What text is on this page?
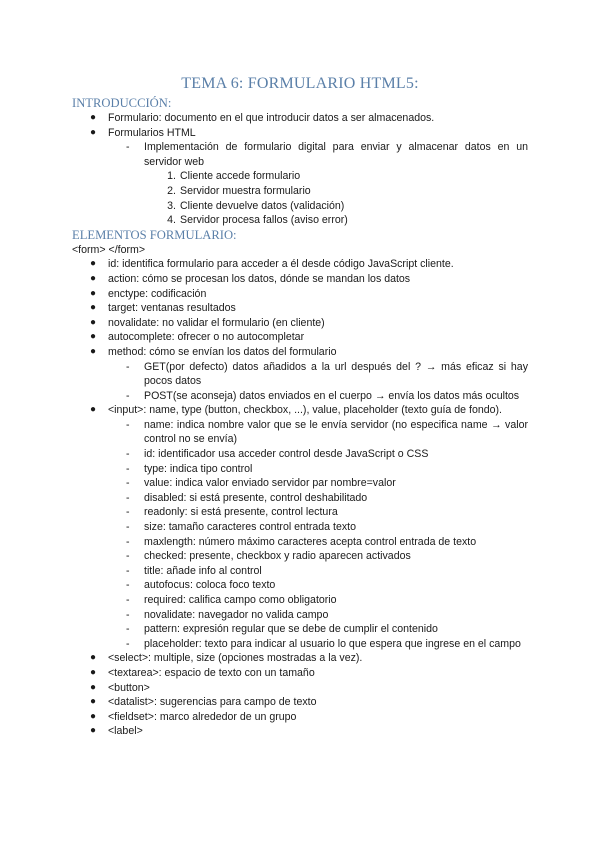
TEMA 6: FORMULARIO HTML5:
INTRODUCCIÓN:
● Formulario: documento en el que introducir datos a ser almacenados.
● Formularios HTML
- Implementación de formulario digital para enviar y almacenar datos en un servidor web
1. Cliente accede formulario
2. Servidor muestra formulario
3. Cliente devuelve datos (validación)
4. Servidor procesa fallos (aviso error)
ELEMENTOS FORMULARIO:

<form> </form>

● id: identifica formulario para acceder a él desde código JavaScript cliente.
● action: cómo se procesan los datos, dónde se mandan los datos
● enctype: codificación
● target: ventanas resultados
● novalidate: no validar el formulario (en cliente)
● autocomplete: ofrecer o no autocompletar
● method: cómo se envían los datos del formulario
- GET(por defecto) datos añadidos a la url después del ? → más eficaz si hay pocos datos
- POST(se aconseja) datos enviados en el cuerpo → envía los datos más ocultos
● <input>: name, type (button, checkbox, ...), value, placeholder (texto guía de fondo).
- name: indica nombre valor que se le envía servidor (no especifica name → valor control no se envía)
- id: identificador usa acceder control desde JavaScript o CSS
- type: indica tipo control
- value: indica valor enviado servidor par nombre=valor
- disabled: si está presente, control deshabilitado
- readonly: si está presente, control lectura
- size: tamaño caracteres control entrada texto
- maxlength: número máximo caracteres acepta control entrada de texto
- checked: presente, checkbox y radio aparecen activados
- title: añade info al control
- autofocus: coloca foco texto
- required: califica campo como obligatorio
- novalidate: navegador no valida campo
- pattern: expresión regular que se debe de cumplir el contenido
- placeholder: texto para indicar al usuario lo que espera que ingrese en el campo
● <select>: multiple, size (opciones mostradas a la vez).
● <textarea>: espacio de texto con un tamaño
● <button>
● <datalist>: sugerencias para campo de texto
● <fieldset>: marco alrededor de un grupo
● <label>
